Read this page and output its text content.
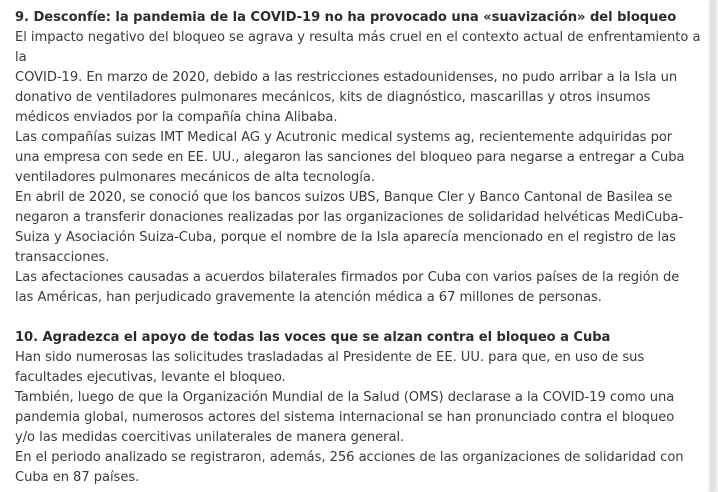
9. Desconfíe: la pandemia de la COVID-19 no ha provocado una «suavización» del bloqueo
El impacto negativo del bloqueo se agrava y resulta más cruel en el contexto actual de enfrentamiento a
la
COVID-19. En marzo de 2020, debido a las restricciones estadounidenses, no pudo arribar a la Isla un
donativo de ventiladores pulmonares mecánicos, kits de diagnóstico, mascarillas y otros insumos
médicos enviados por la compañía china Alibaba.
Las compañías suizas IMT Medical AG y Acutronic medical systems ag, recientemente adquiridas por
una empresa con sede en EE. UU., alegaron las sanciones del bloqueo para negarse a entregar a Cuba
ventiladores pulmonares mecánicos de alta tecnología.
En abril de 2020, se conoció que los bancos suizos UBS, Banque Cler y Banco Cantonal de Basilea se
negaron a transferir donaciones realizadas por las organizaciones de solidaridad helvéticas MediCuba-
Suiza y Asociación Suiza-Cuba, porque el nombre de la Isla aparecía mencionado en el registro de las
transacciones.
Las afectaciones causadas a acuerdos bilaterales firmados por Cuba con varios países de la región de
las Américas, han perjudicado gravemente la atención médica a 67 millones de personas.
10. Agradezca el apoyo de todas las voces que se alzan contra el bloqueo a Cuba
Han sido numerosas las solicitudes trasladadas al Presidente de EE. UU. para que, en uso de sus
facultades ejecutivas, levante el bloqueo.
También, luego de que la Organización Mundial de la Salud (OMS) declarase a la COVID-19 como una
pandemia global, numerosos actores del sistema internacional se han pronunciado contra el bloqueo
y/o las medidas coercitivas unilaterales de manera general.
En el periodo analizado se registraron, además, 256 acciones de las organizaciones de solidaridad con
Cuba en 87 países.
